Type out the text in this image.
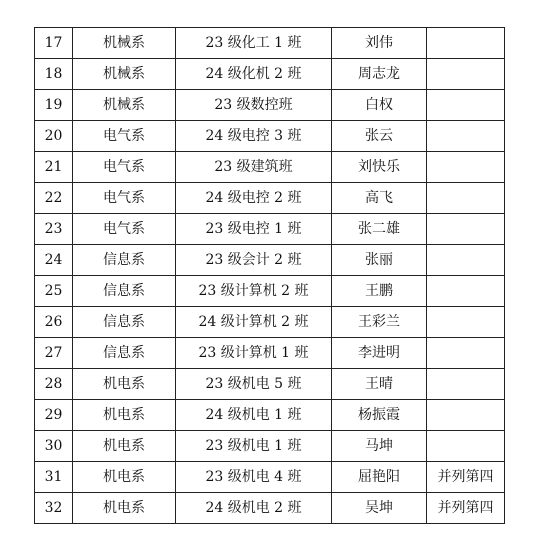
17	机械系	23 级化工 1 班	刘伟	
18	机械系	24 级化机 2 班	周志龙	
19	机械系	23 级数控班	白权	
20	电气系	24 级电控 3 班	张云	
21	电气系	23 级建筑班	刘快乐	
22	电气系	24 级电控 2 班	高飞	
23	电气系	23 级电控 1 班	张二雄	
24	信息系	23 级会计 2 班	张丽	
25	信息系	23 级计算机 2 班	王鹏	
26	信息系	24 级计算机 2 班	王彩兰	
27	信息系	23 级计算机 1 班	李进明	
28	机电系	23 级机电 5 班	王晴	
29	机电系	24 级机电 1 班	杨振霞	
30	机电系	23 级机电 1 班	马坤	
31	机电系	23 级机电 4 班	屈艳阳	并列第四
32	机电系	24 级机电 2 班	吴坤	并列第四
